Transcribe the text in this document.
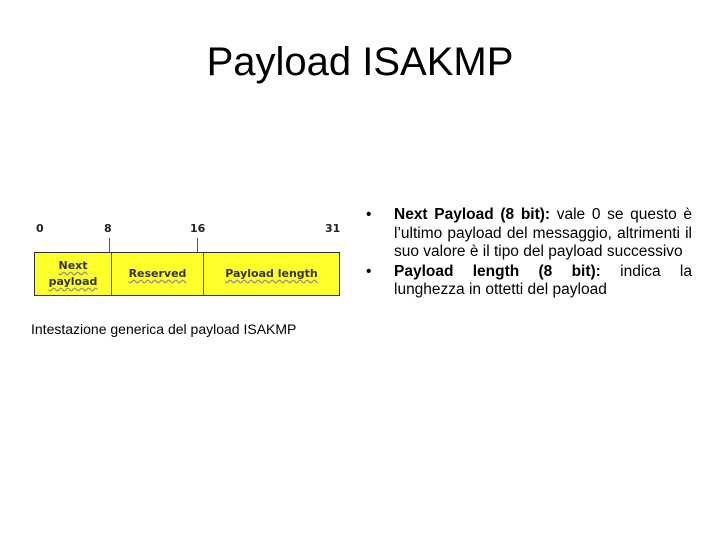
Payload ISAKMP
0	8	16	31
Next
payload
Reserved	Payload length
Intestazione generica del payload ISAKMP
• Next Payload (8 bit): vale 0 se questo è l’ultimo payload del messaggio, altrimenti il suo valore è il tipo del payload successivo
• Payload length (8 bit): indica la lunghezza in ottetti del payload
